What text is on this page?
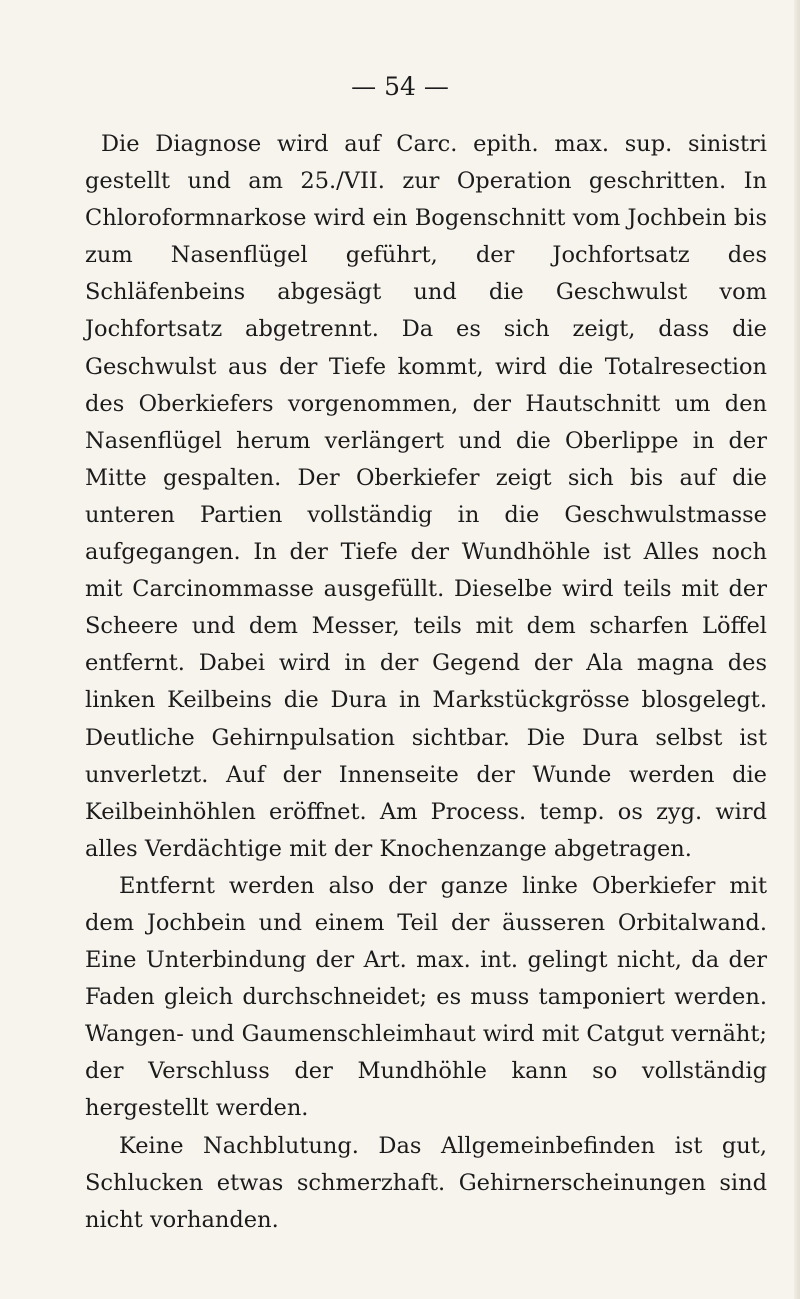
— 54 —

Die Diagnose wird auf Carc. epith. max. sup. sinistri gestellt und am 25./VII. zur Operation geschritten. In Chloroformnarkose wird ein Bogenschnitt vom Jochbein bis zum Nasenflügel geführt, der Jochfortsatz des Schläfenbeins abgesägt und die Geschwulst vom Jochfortsatz abgetrennt. Da es sich zeigt, dass die Geschwulst aus der Tiefe kommt, wird die Totalresection des Oberkiefers vorgenommen, der Hautschnitt um den Nasenflügel herum verlängert und die Oberlippe in der Mitte gespalten. Der Oberkiefer zeigt sich bis auf die unteren Partien vollständig in die Geschwulstmasse aufgegangen. In der Tiefe der Wundhöhle ist Alles noch mit Carcinommasse ausgefüllt. Dieselbe wird teils mit der Scheere und dem Messer, teils mit dem scharfen Löffel entfernt. Dabei wird in der Gegend der Ala magna des linken Keilbeins die Dura in Markstückgrösse blosgelegt. Deutliche Gehirnpulsation sichtbar. Die Dura selbst ist unverletzt. Auf der Innenseite der Wunde werden die Keilbeinhöhlen eröffnet. Am Process. temp. os zyg. wird alles Verdächtige mit der Knochenzange abgetragen.

Entfernt werden also der ganze linke Oberkiefer mit dem Jochbein und einem Teil der äusseren Orbitalwand. Eine Unterbindung der Art. max. int. gelingt nicht, da der Faden gleich durchschneidet; es muss tamponiert werden. Wangen- und Gaumenschleimhaut wird mit Catgut vernäht; der Verschluss der Mundhöhle kann so vollständig hergestellt werden.

Keine Nachblutung. Das Allgemeinbefinden ist gut, Schlucken etwas schmerzhaft. Gehirnerscheinungen sind nicht vorhanden.
